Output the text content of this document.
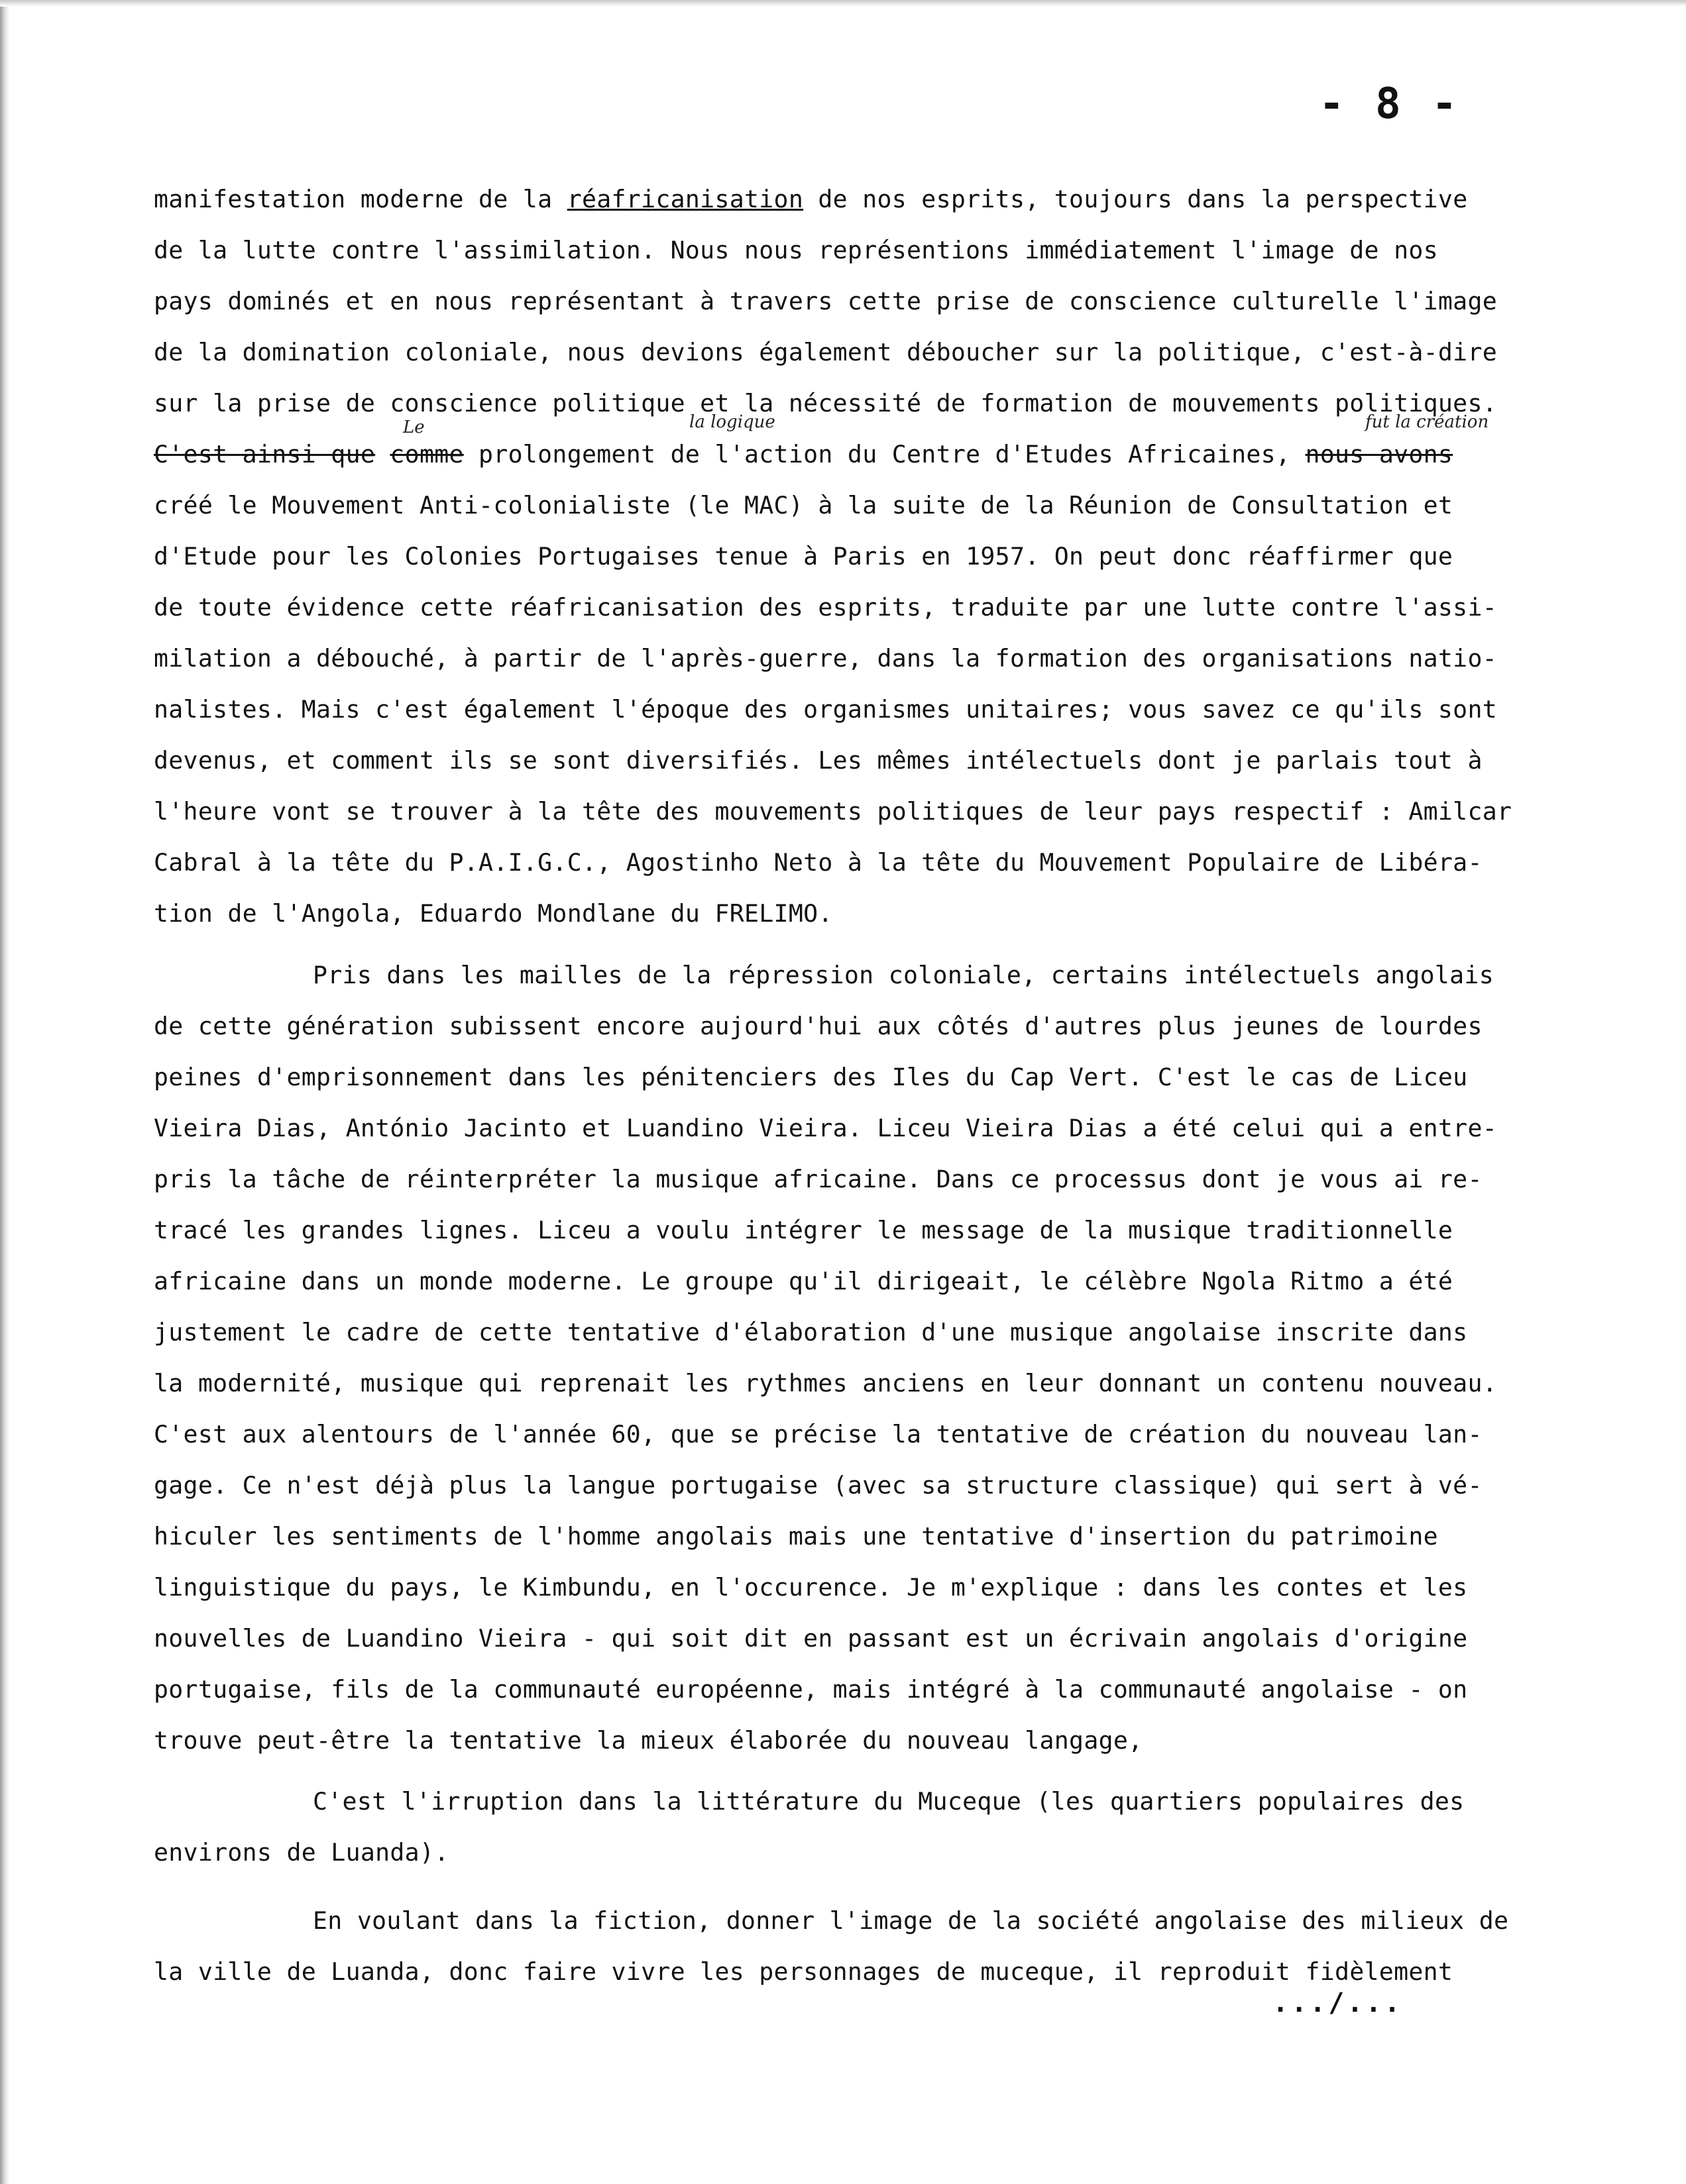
- 8 -
manifestation moderne de la réafricanisation de nos esprits, toujours dans la perspective
de la lutte contre l'assimilation. Nous nous représentions immédiatement l'image de nos
pays dominés et en nous représentant à travers cette prise de conscience culturelle l'image
de la domination coloniale, nous devions également déboucher sur la politique, c'est-à-dire
sur la prise de conscience politique et la nécessité de formation de mouvements politiques.
C'est ainsi que comme prolongement de l'action du Centre d'Etudes Africaines, nous avons
créé le Mouvement Anti-colonialiste (le MAC) à la suite de la Réunion de Consultation et
d'Etude pour les Colonies Portugaises tenue à Paris en 1957. On peut donc réaffirmer que
de toute évidence cette réafricanisation des esprits, traduite par une lutte contre l'assi-
milation a débouché, à partir de l'après-guerre, dans la formation des organisations natio-
nalistes. Mais c'est également l'époque des organismes unitaires; vous savez ce qu'ils sont
devenus, et comment ils se sont diversifiés. Les mêmes intélectuels dont je parlais tout à
l'heure vont se trouver à la tête des mouvements politiques de leur pays respectif : Amilcar
Cabral à la tête du P.A.I.G.C., Agostinho Neto à la tête du Mouvement Populaire de Libéra-
tion de l'Angola, Eduardo Mondlane du FRELIMO.
Pris dans les mailles de la répression coloniale, certains intélectuels angolais
de cette génération subissent encore aujourd'hui aux côtés d'autres plus jeunes de lourdes
peines d'emprisonnement dans les pénitenciers des Iles du Cap Vert. C'est le cas de Liceu
Vieira Dias, António Jacinto et Luandino Vieira. Liceu Vieira Dias a été celui qui a entre-
pris la tâche de réinterpréter la musique africaine. Dans ce processus dont je vous ai re-
tracé les grandes lignes. Liceu a voulu intégrer le message de la musique traditionnelle
africaine dans un monde moderne. Le groupe qu'il dirigeait, le célèbre Ngola Ritmo a été
justement le cadre de cette tentative d'élaboration d'une musique angolaise inscrite dans
la modernité, musique qui reprenait les rythmes anciens en leur donnant un contenu nouveau.
C'est aux alentours de l'année 60, que se précise la tentative de création du nouveau lan-
gage. Ce n'est déjà plus la langue portugaise (avec sa structure classique) qui sert à vé-
hiculer les sentiments de l'homme angolais mais une tentative d'insertion du patrimoine
linguistique du pays, le Kimbundu, en l'occurence. Je m'explique : dans les contes et les
nouvelles de Luandino Vieira - qui soit dit en passant est un écrivain angolais d'origine
portugaise, fils de la communauté européenne, mais intégré à la communauté angolaise - on
trouve peut-être la tentative la mieux élaborée du nouveau langage,
C'est l'irruption dans la littérature du Muceque (les quartiers populaires des
environs de Luanda).
En voulant dans la fiction, donner l'image de la société angolaise des milieux de
la ville de Luanda, donc faire vivre les personnages de muceque, il reproduit fidèlement
Le	la logique	fut la création
.../...
